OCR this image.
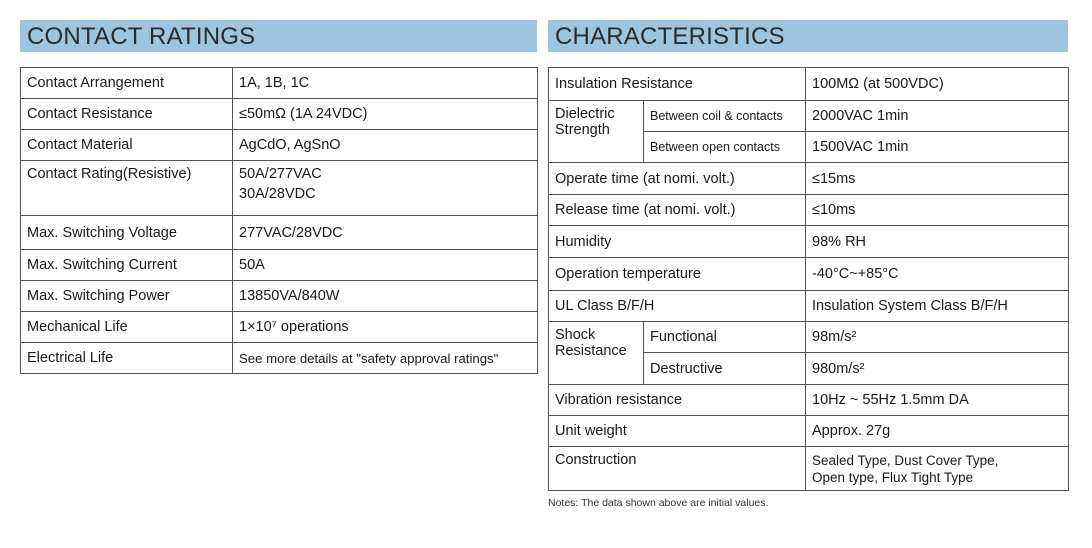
CONTACT RATINGS
Contact Arrangement	1A, 1B, 1C
Contact Resistance	≤50mΩ (1A 24VDC)
Contact Material	AgCdO, AgSnO
Contact Rating(Resistive)	50A/277VAC
30A/28VDC

Max. Switching Voltage	277VAC/28VDC
Max. Switching Current	50A
Max. Switching Power	13850VA/840W
Mechanical Life	1×10⁷ operations
Electrical Life	See more details at "safety approval ratings"
CHARACTERISTICS
Insulation Resistance		100MΩ (at 500VDC)
Dielectric Strength	Between coil & contacts	2000VAC 1min
	Between open contacts	1500VAC 1min
Operate time (at nomi. volt.)		≤15ms
Release time (at nomi. volt.)		≤10ms
Humidity		98% RH
Operation temperature		-40°C~+85°C
UL Class B/F/H		Insulation System Class B/F/H
Shock Resistance	Functional	98m/s²
	Destructive	980m/s²
Vibration resistance		10Hz ~ 55Hz 1.5mm DA
Unit weight		Approx. 27g
Construction		Sealed Type, Dust Cover Type,
Open type, Flux Tight Type
Notes: The data shown above are initial values.
